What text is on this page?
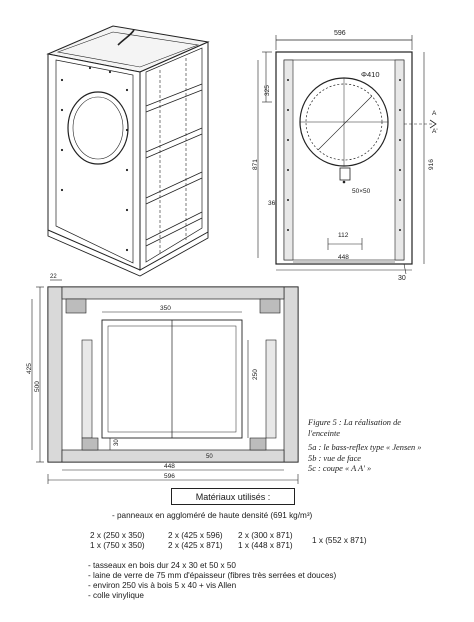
596
Φ410
325
871	916
36
50×50
112
448
30
A
A'
22
350
500
425
250
30
50
448
596
Figure 5 : La réalisation de
l'enceinte
5a : le bass-reflex type « Jensen »
5b : vue de face
5c : coupe « A A' »
Matériaux utilisés :
- panneaux en aggloméré de haute densité (691 kg/m³)
2 x (250 x 350)
1 x (750 x 350)
2 x (425 x 596)
2 x (425 x 871)
2 x (300 x 871)
1 x (448 x 871)
1 x (552 x 871)
- tasseaux en bois dur 24 x 30 et 50 x 50
- laine de verre de 75 mm d'épaisseur (fibres très serrées et douces)
- environ 250 vis à bois 5 x 40 + vis Allen
- colle vinylique
